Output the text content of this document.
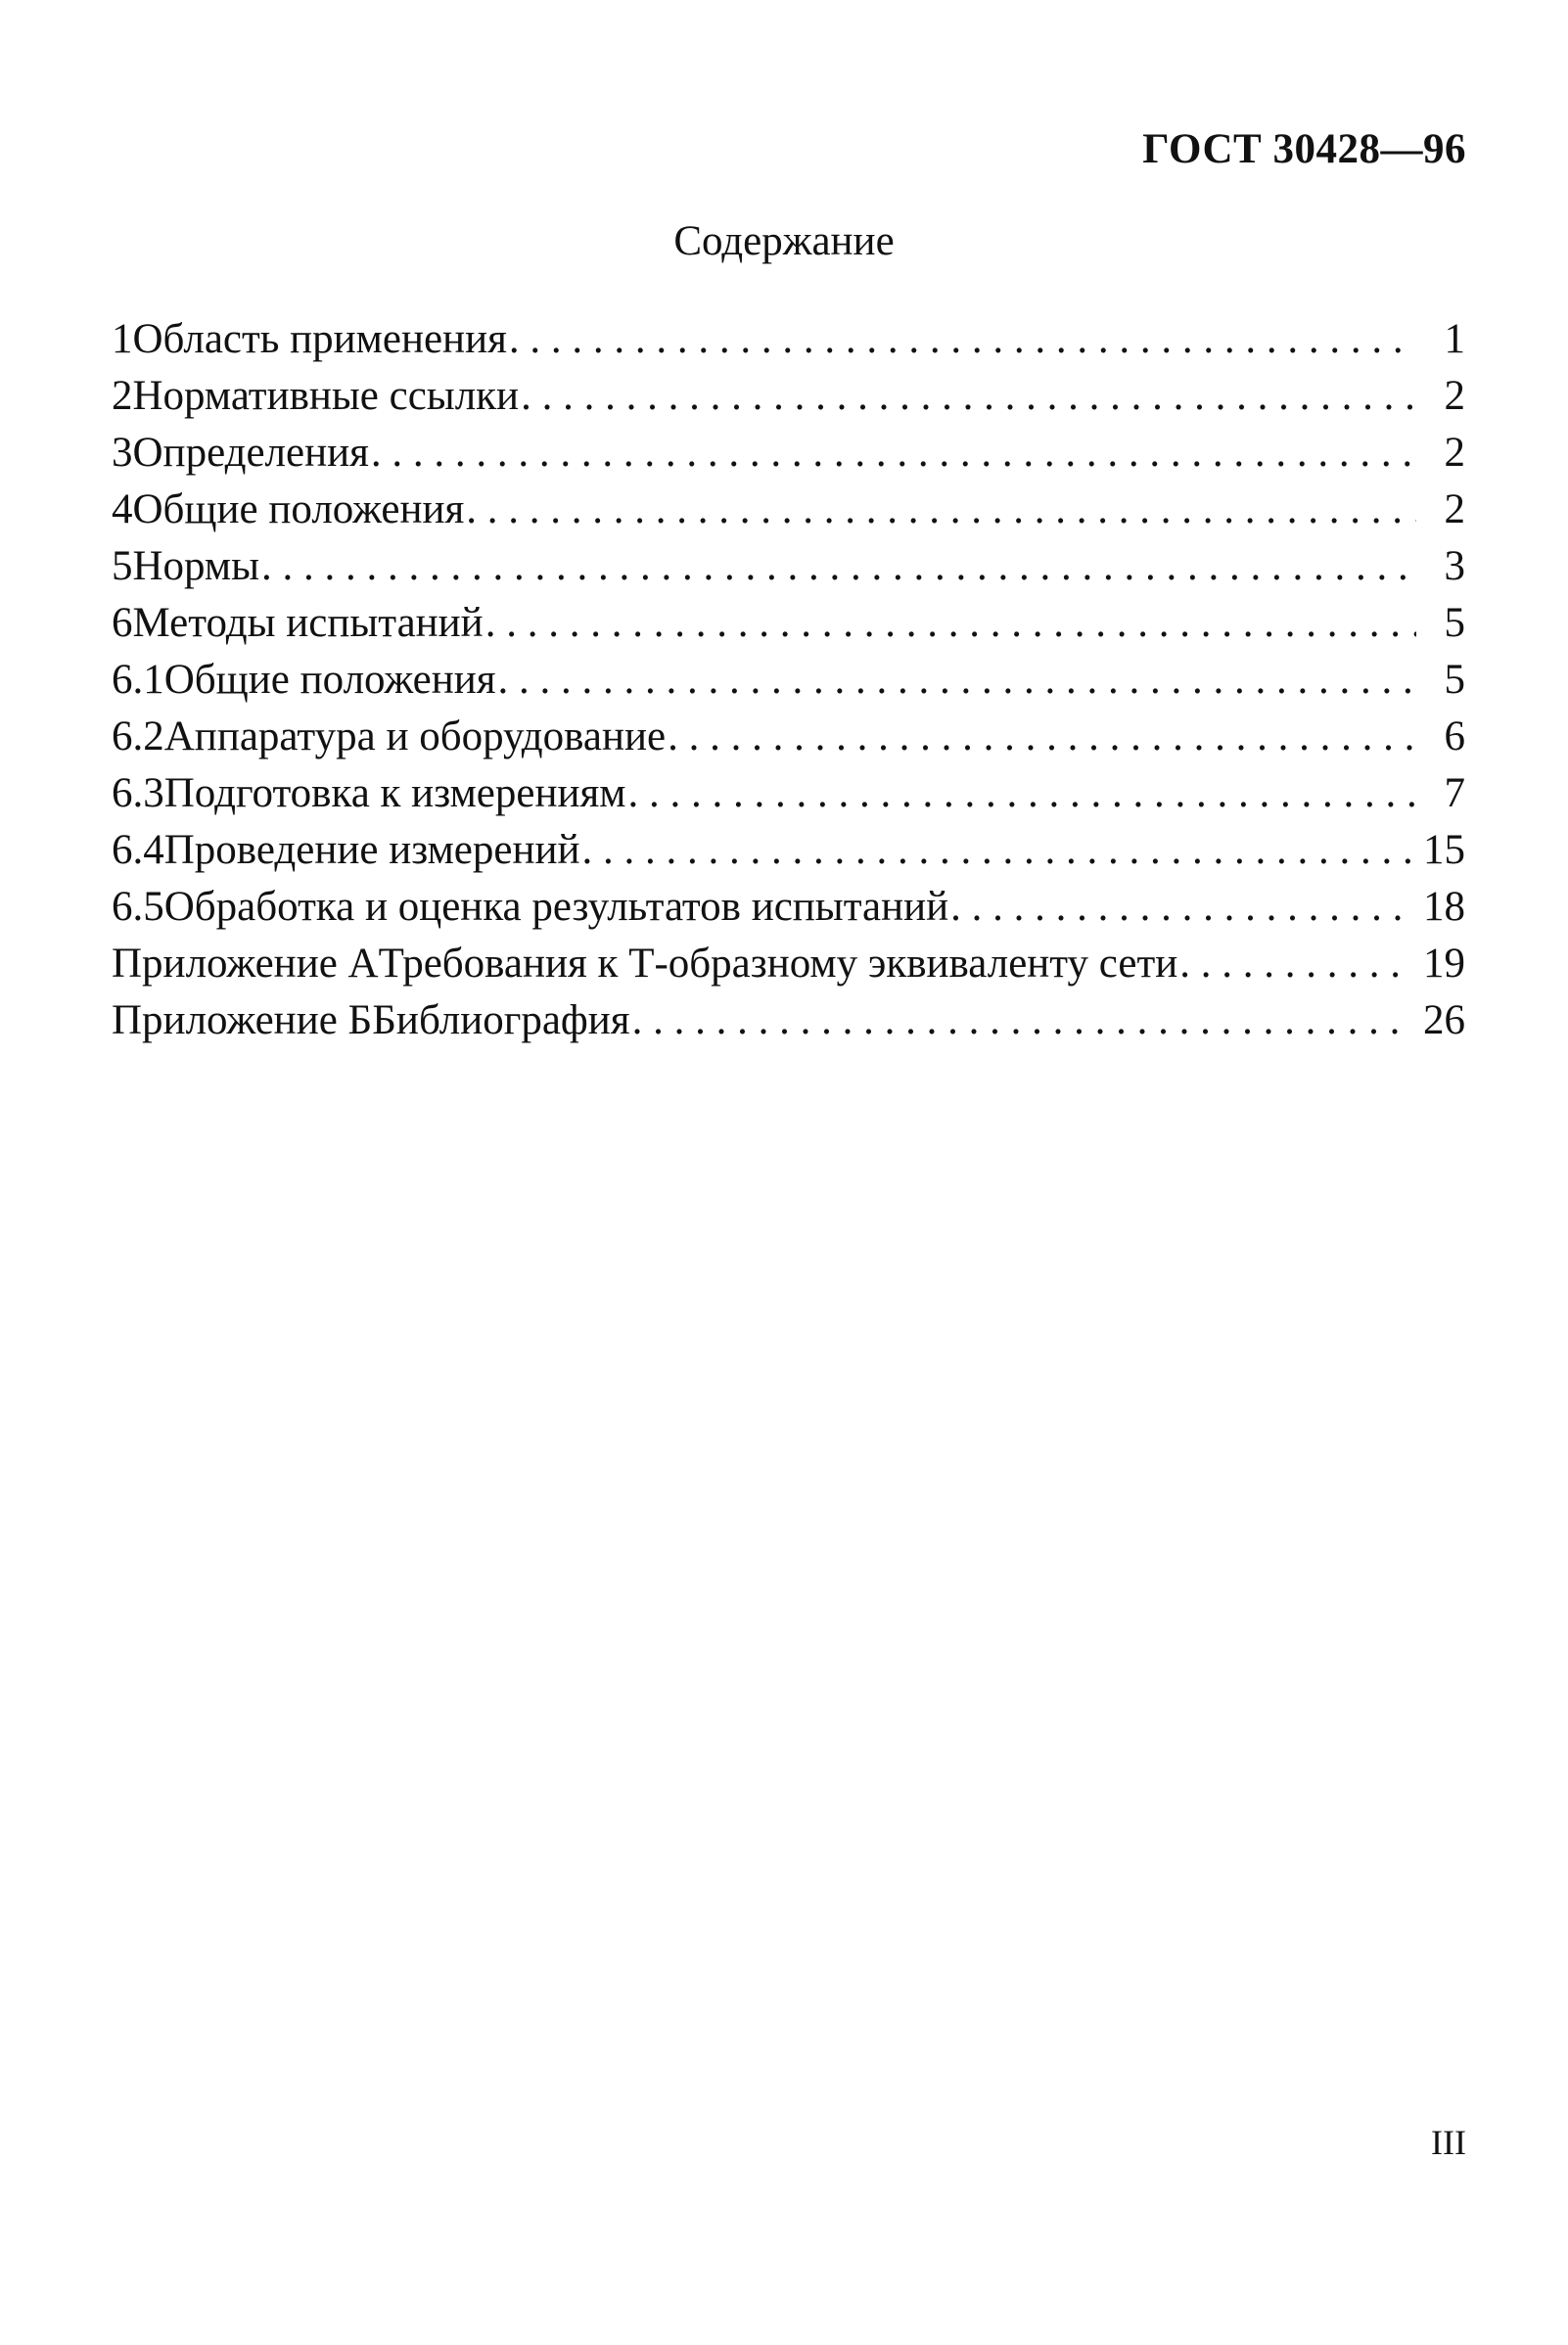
ГОСТ 30428—96
Содержание
1 Область применения . . .	1
2 Нормативные ссылки . . .	2
3 Определения . . .	2
4 Общие положения . . .	2
5 Нормы . . .	3
6 Методы испытаний . . .	5
6.1 Общие положения . . .	5
6.2 Аппаратура и оборудование . . .	6
6.3 Подготовка к измерениям . . .	7
6.4 Проведение измерений . . .	15
6.5 Обработка и оценка результатов испытаний . . .	18
Приложение А Требования к Т-образному эквиваленту сети . . .	19
Приложение Б Библиография . . .	26
III
